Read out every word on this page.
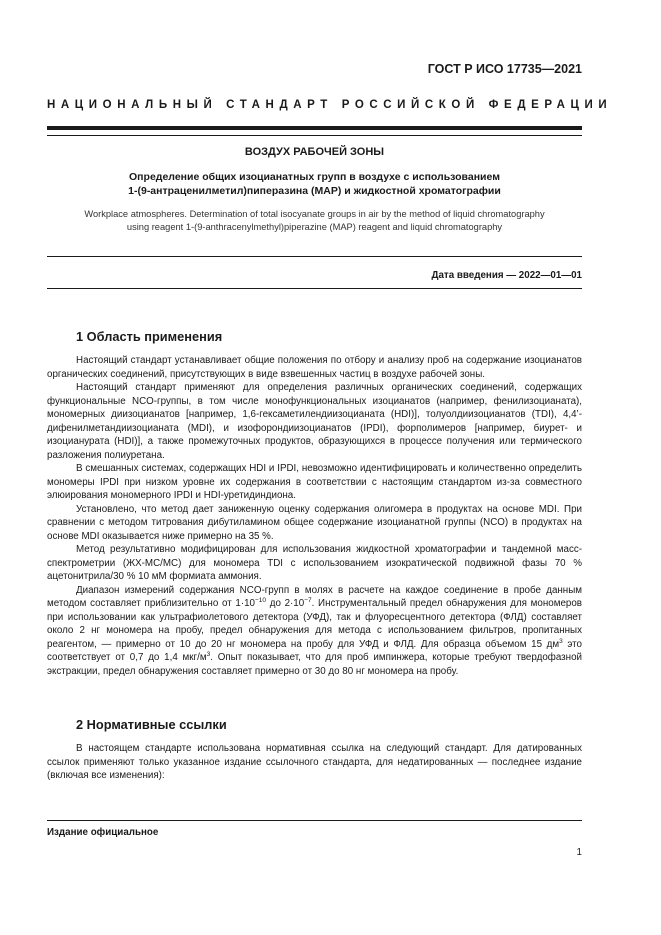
ГОСТ Р ИСО 17735—2021
НАЦИОНАЛЬНЫЙ СТАНДАРТ РОССИЙСКОЙ ФЕДЕРАЦИИ
ВОЗДУХ РАБОЧЕЙ ЗОНЫ
Определение общих изоцианатных групп в воздухе с использованием
1-(9-антраценилметил)пиперазина (МАР) и жидкостной хроматографии
Workplace atmospheres. Determination of total isocyanate groups in air by the method of liquid chromatography
using reagent 1-(9-anthracenylmethyl)piperazine (MAP) reagent and liquid chromatography
Дата введения — 2022—01—01
1 Область применения

Настоящий стандарт устанавливает общие положения по отбору и анализу проб на содержание изоцианатов органических соединений, присутствующих в виде взвешенных частиц в воздухе рабочей зоны.

Настоящий стандарт применяют для определения различных органических соединений, содержащих функциональные NCO-группы, в том числе монофункциональных изоцианатов (например, фенилизоцианата), мономерных диизоцианатов [например, 1,6-гексаметилендиизоцианата (HDI)], толуолдиизоцианатов (TDI), 4,4’-дифенилметандиизоцианата (MDI), и изофорондиизоцианатов (IPDI), форполимеров [например, биурет- и изоцианурата (HDI)], а также промежуточных продуктов, образующихся в процессе получения или термического разложения полиуретана.

В смешанных системах, содержащих HDI и IPDI, невозможно идентифицировать и количественно определить мономеры IPDI при низком уровне их содержания в соответствии с настоящим стандартом из-за совместного элюирования мономерного IPDI и HDI-уретидиндиона.

Установлено, что метод дает заниженную оценку содержания олигомера в продуктах на основе MDI. При сравнении с методом титрования дибутиламином общее содержание изоцианатной группы (NCO) в продуктах на основе MDI оказывается ниже примерно на 35 %.

Метод результативно модифицирован для использования жидкостной хроматографии и тандемной масс-спектрометрии (ЖХ-МС/МС) для мономера TDI с использованием изократической подвижной фазы 70 % ацетонитрила/30 % 10 мМ формиата аммония.

Диапазон измерений содержания NCO-групп в молях в расчете на каждое соединение в пробе данным методом составляет приблизительно от $1\cdot 10^{-10}$ до $2\cdot 10^{-7}$. Инструментальный предел обнаружения для мономеров при использовании как ультрафиолетового детектора (УФД), так и флуоресцентного детектора (ФЛД) составляет около 2 нг мономера на пробу, предел обнаружения для метода с использованием фильтров, пропитанных реагентом, — примерно от 10 до 20 нг мономера на пробу для УФД и ФЛД. Для образца объемом 15 $дм^3$ это соответствует от 0,7 до 1,4 мкг/$м^3$. Опыт показывает, что для проб импинжера, которые требуют твердофазной экстракции, предел обнаружения составляет примерно от 30 до 80 нг мономера на пробу.

2 Нормативные ссылки

В настоящем стандарте использована нормативная ссылка на следующий стандарт. Для датированных ссылок применяют только указанное издание ссылочного стандарта, для недатированных — последнее издание (включая все изменения):

Издание официальное
1
